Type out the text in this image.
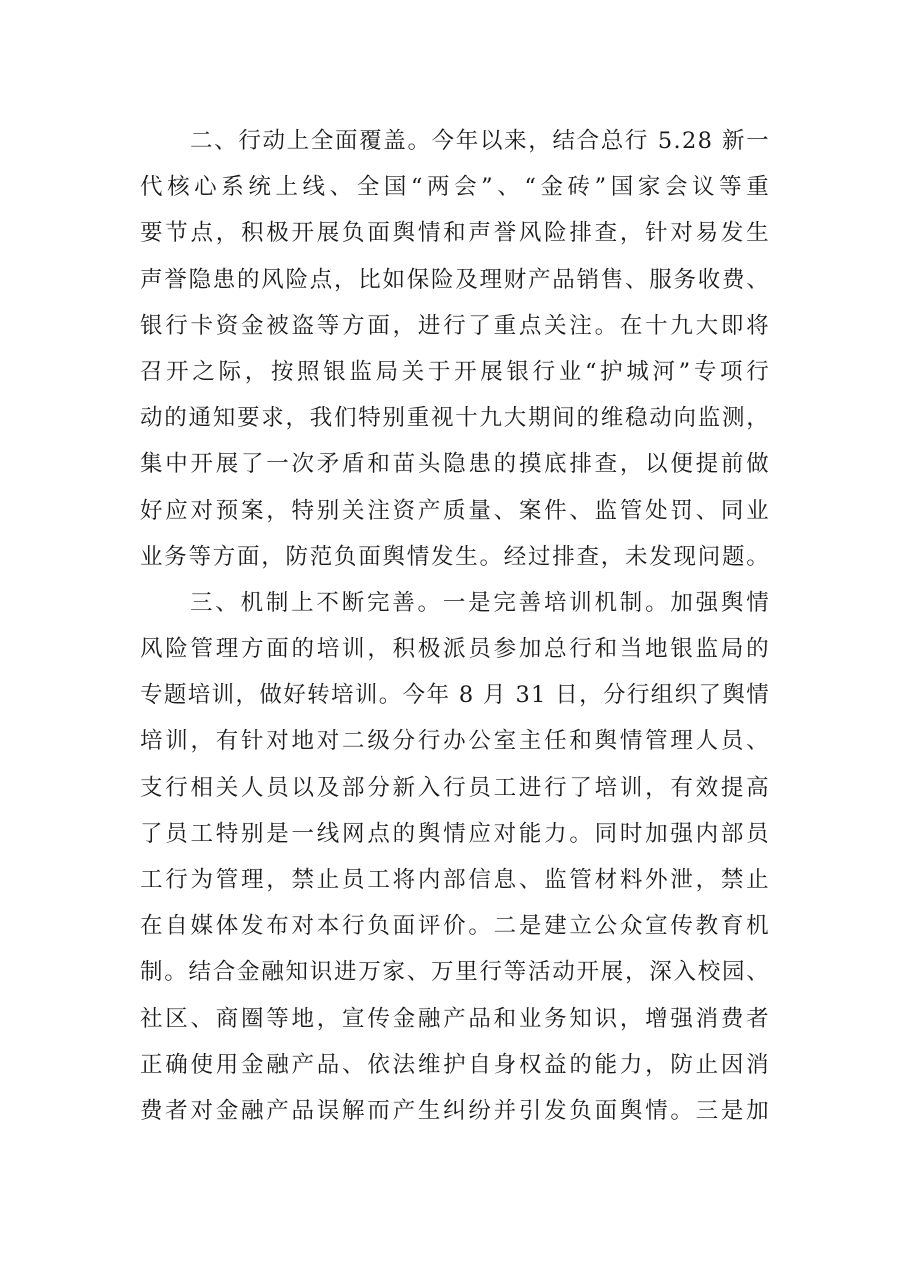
二、行动上全面覆盖。今年以来，结合总行 5.28 新一
代核心系统上线、全国“两会”、“金砖”国家会议等重
要节点，积极开展负面舆情和声誉风险排查，针对易发生
声誉隐患的风险点，比如保险及理财产品销售、服务收费、
银行卡资金被盗等方面，进行了重点关注。在十九大即将
召开之际，按照银监局关于开展银行业“护城河”专项行
动的通知要求，我们特别重视十九大期间的维稳动向监测，
集中开展了一次矛盾和苗头隐患的摸底排查，以便提前做
好应对预案，特别关注资产质量、案件、监管处罚、同业
业务等方面，防范负面舆情发生。经过排查，未发现问题。
三、机制上不断完善。一是完善培训机制。加强舆情
风险管理方面的培训，积极派员参加总行和当地银监局的
专题培训，做好转培训。今年 8 月 31 日，分行组织了舆情
培训，有针对地对二级分行办公室主任和舆情管理人员、
支行相关人员以及部分新入行员工进行了培训，有效提高
了员工特别是一线网点的舆情应对能力。同时加强内部员
工行为管理，禁止员工将内部信息、监管材料外泄，禁止
在自媒体发布对本行负面评价。二是建立公众宣传教育机
制。结合金融知识进万家、万里行等活动开展，深入校园、
社区、商圈等地，宣传金融产品和业务知识，增强消费者
正确使用金融产品、依法维护自身权益的能力，防止因消
费者对金融产品误解而产生纠纷并引发负面舆情。三是加
